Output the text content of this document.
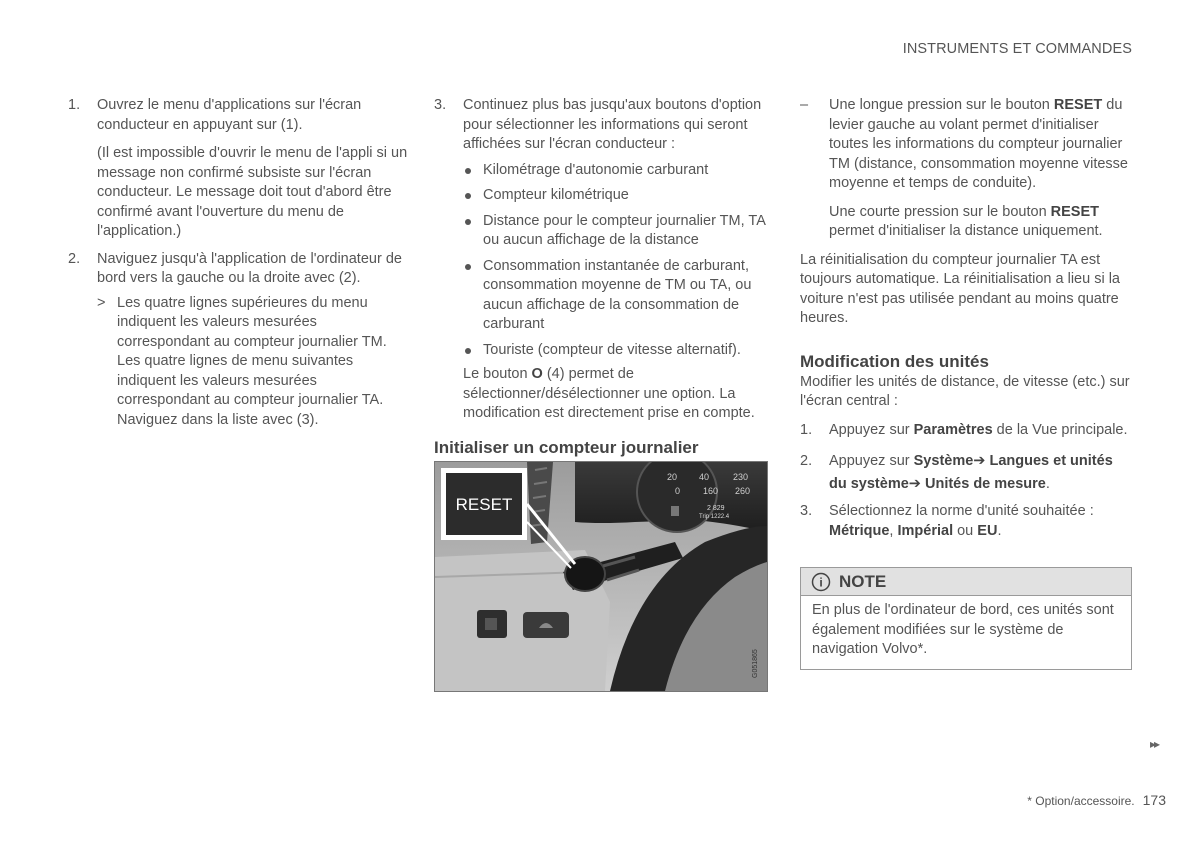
INSTRUMENTS ET COMMANDES
1. Ouvrez le menu d'applications sur l'écran conducteur en appuyant sur (1).

(Il est impossible d'ouvrir le menu de l'appli si un message non confirmé subsiste sur l'écran conducteur. Le message doit tout d'abord être confirmé avant l'ouverture du menu de l'application.)

2. Naviguez jusqu'à l'application de l'ordinateur de bord vers la gauche ou la droite avec (2).

> Les quatre lignes supérieures du menu indiquent les valeurs mesurées correspondant au compteur journalier TM. Les quatre lignes de menu suivantes indiquent les valeurs mesurées correspondant au compteur journalier TA. Naviguez dans la liste avec (3).

3. Continuez plus bas jusqu'aux boutons d'option pour sélectionner les informations qui seront affichées sur l'écran conducteur :

Kilométrage d'autonomie carburant

Compteur kilométrique

Distance pour le compteur journalier TM, TA ou aucun affichage de la distance

Consommation instantanée de carburant, consommation moyenne de TM ou TA, ou aucun affichage de la consommation de carburant

Touriste (compteur de vitesse alternatif).

Le bouton O (4) permet de sélectionner/désélectionner une option. La modification est directement prise en compte.

Initialiser un compteur journalier
20 40
0	160 260
230
2 829
Trip 1222.4
RESET
G051865
– Une longue pression sur le bouton RESET du levier gauche au volant permet d'initialiser toutes les informations du compteur journalier TM (distance, consommation moyenne vitesse moyenne et temps de conduite).

Une courte pression sur le bouton RESET permet d'initialiser la distance uniquement.

La réinitialisation du compteur journalier TA est toujours automatique. La réinitialisation a lieu si la voiture n'est pas utilisée pendant au moins quatre heures.

Modification des unités

Modifier les unités de distance, de vitesse (etc.) sur l'écran central :

1. Appuyez sur Paramètres de la Vue principale.

2. Appuyez sur Système➔ Langues et unités du système➔ Unités de mesure.

3. Sélectionnez la norme d'unité souhaitée : Métrique, Impérial ou EU.

i NOTE

En plus de l'ordinateur de bord, ces unités sont également modifiées sur le système de navigation Volvo*.

▸▸
* Option/accessoire. 173
